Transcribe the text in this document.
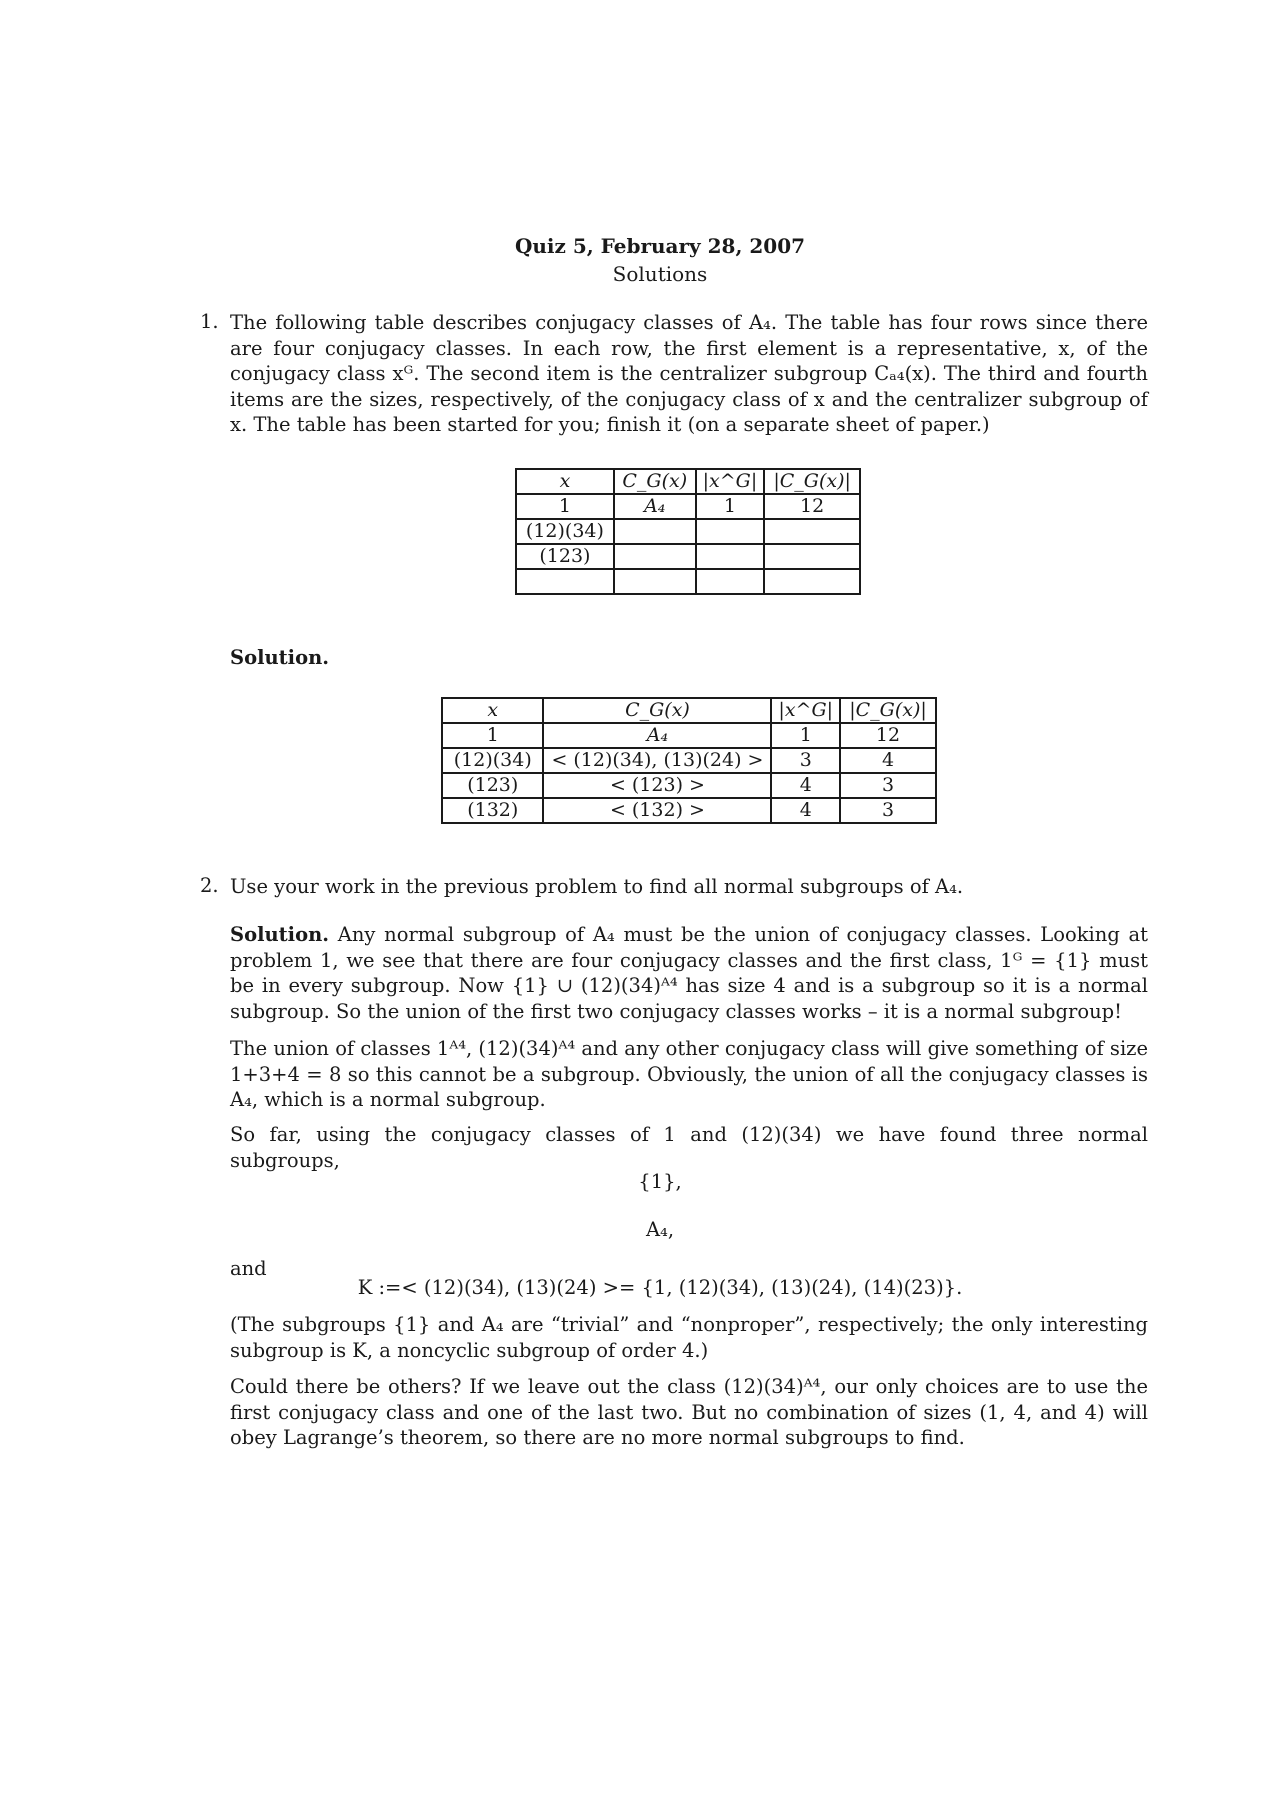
Quiz 5, February 28, 2007
Solutions
1. The following table describes conjugacy classes of A₄. The table has four rows since there are four conjugacy classes. In each row, the first element is a representative, x, of the conjugacy class xᴳ. The second item is the centralizer subgroup Cₐ₄(x). The third and fourth items are the sizes, respectively, of the conjugacy class of x and the centralizer subgroup of x. The table has been started for you; finish it (on a separate sheet of paper.)
x	C_G(x)	|x^G|	|C_G(x)|
1	A₄	1	12
(12)(34)			
(123)			

Solution.
x	C_G(x)	|x^G|	|C_G(x)|
1	A₄	1	12
(12)(34)	< (12)(34), (13)(24) >	3	4
(123)	< (123) >	4	3
(132)	< (132) >	4	3
2. Use your work in the previous problem to find all normal subgroups of A₄.
Solution. Any normal subgroup of A₄ must be the union of conjugacy classes. Looking at problem 1, we see that there are four conjugacy classes and the first class, 1ᴳ = {1} must be in every subgroup. Now {1} ∪ (12)(34)ᴬ⁴ has size 4 and is a subgroup so it is a normal subgroup. So the union of the first two conjugacy classes works – it is a normal subgroup!
The union of classes 1ᴬ⁴, (12)(34)ᴬ⁴ and any other conjugacy class will give something of size 1+3+4 = 8 so this cannot be a subgroup. Obviously, the union of all the conjugacy classes is A₄, which is a normal subgroup.
So far, using the conjugacy classes of 1 and (12)(34) we have found three normal subgroups,
{1},
A₄,
and
K :=< (12)(34), (13)(24) >= {1, (12)(34), (13)(24), (14)(23)}.
(The subgroups {1} and A₄ are “trivial” and “nonproper”, respectively; the only interesting subgroup is K, a noncyclic subgroup of order 4.)
Could there be others? If we leave out the class (12)(34)ᴬ⁴, our only choices are to use the first conjugacy class and one of the last two. But no combination of sizes (1, 4, and 4) will obey Lagrange’s theorem, so there are no more normal subgroups to find.
